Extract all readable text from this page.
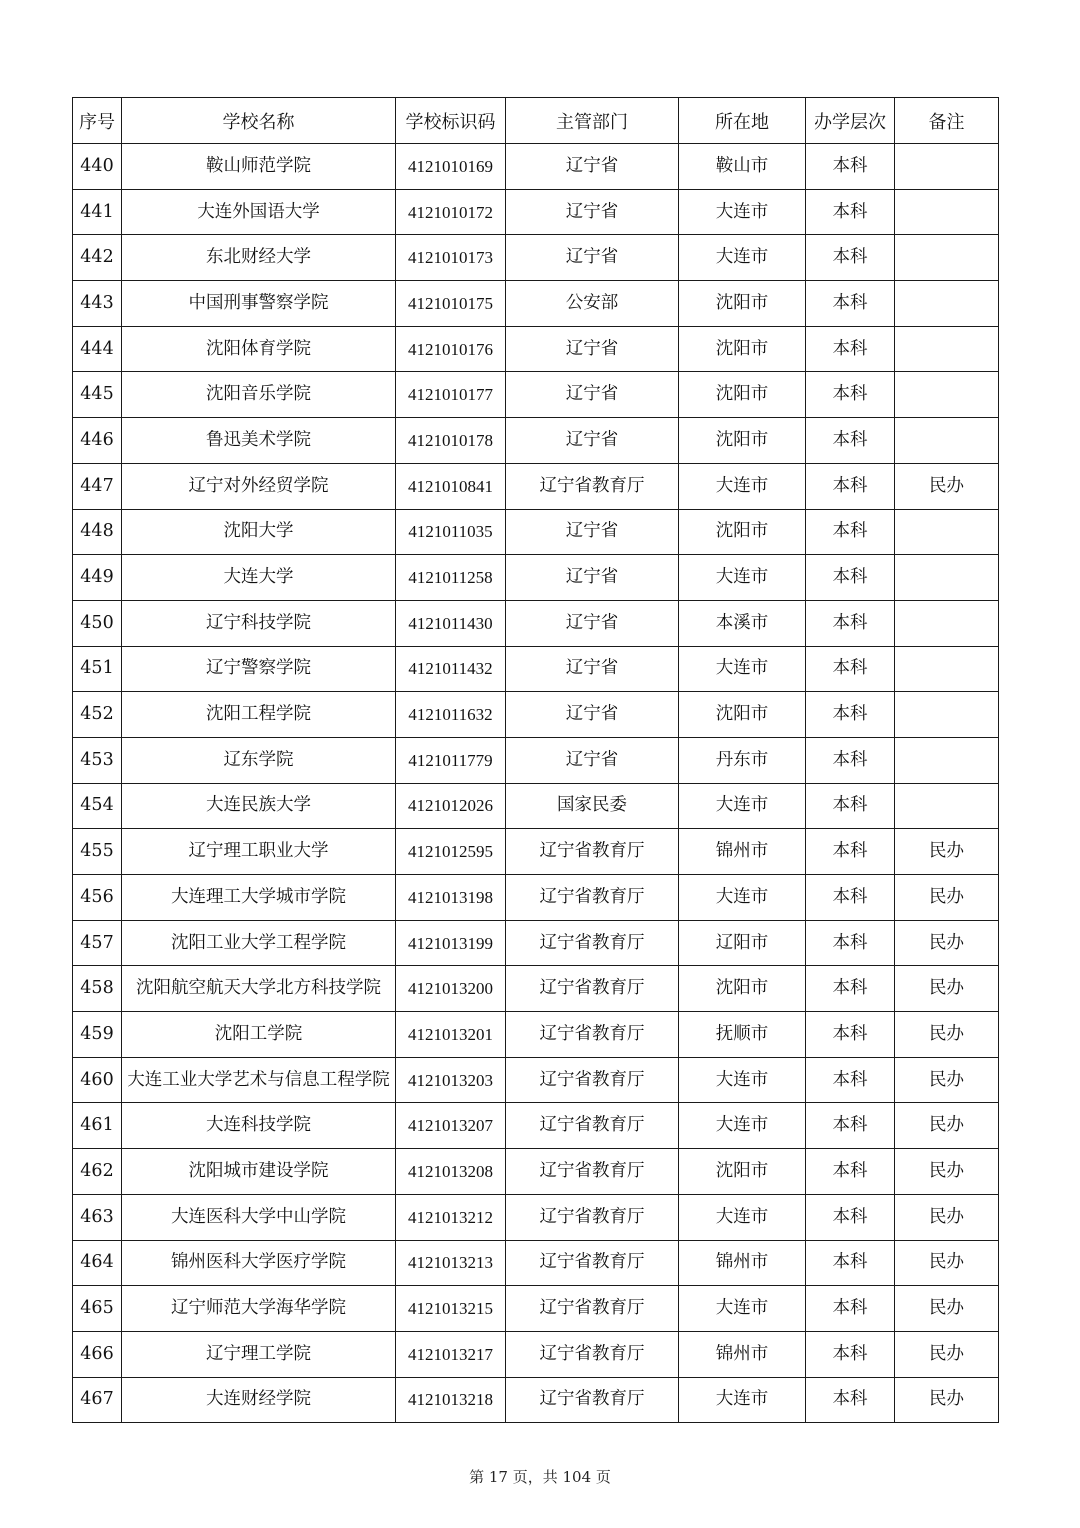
序号	学校名称	学校标识码	主管部门	所在地	办学层次	备注
440	鞍山师范学院	4121010169	辽宁省	鞍山市	本科	
441	大连外国语大学	4121010172	辽宁省	大连市	本科	
442	东北财经大学	4121010173	辽宁省	大连市	本科	
443	中国刑事警察学院	4121010175	公安部	沈阳市	本科	
444	沈阳体育学院	4121010176	辽宁省	沈阳市	本科	
445	沈阳音乐学院	4121010177	辽宁省	沈阳市	本科	
446	鲁迅美术学院	4121010178	辽宁省	沈阳市	本科	
447	辽宁对外经贸学院	4121010841	辽宁省教育厅	大连市	本科	民办
448	沈阳大学	4121011035	辽宁省	沈阳市	本科	
449	大连大学	4121011258	辽宁省	大连市	本科	
450	辽宁科技学院	4121011430	辽宁省	本溪市	本科	
451	辽宁警察学院	4121011432	辽宁省	大连市	本科	
452	沈阳工程学院	4121011632	辽宁省	沈阳市	本科	
453	辽东学院	4121011779	辽宁省	丹东市	本科	
454	大连民族大学	4121012026	国家民委	大连市	本科	
455	辽宁理工职业大学	4121012595	辽宁省教育厅	锦州市	本科	民办
456	大连理工大学城市学院	4121013198	辽宁省教育厅	大连市	本科	民办
457	沈阳工业大学工程学院	4121013199	辽宁省教育厅	辽阳市	本科	民办
458	沈阳航空航天大学北方科技学院	4121013200	辽宁省教育厅	沈阳市	本科	民办
459	沈阳工学院	4121013201	辽宁省教育厅	抚顺市	本科	民办
460	大连工业大学艺术与信息工程学院	4121013203	辽宁省教育厅	大连市	本科	民办
461	大连科技学院	4121013207	辽宁省教育厅	大连市	本科	民办
462	沈阳城市建设学院	4121013208	辽宁省教育厅	沈阳市	本科	民办
463	大连医科大学中山学院	4121013212	辽宁省教育厅	大连市	本科	民办
464	锦州医科大学医疗学院	4121013213	辽宁省教育厅	锦州市	本科	民办
465	辽宁师范大学海华学院	4121013215	辽宁省教育厅	大连市	本科	民办
466	辽宁理工学院	4121013217	辽宁省教育厅	锦州市	本科	民办
467	大连财经学院	4121013218	辽宁省教育厅	大连市	本科	民办
第 17 页，共 104 页
